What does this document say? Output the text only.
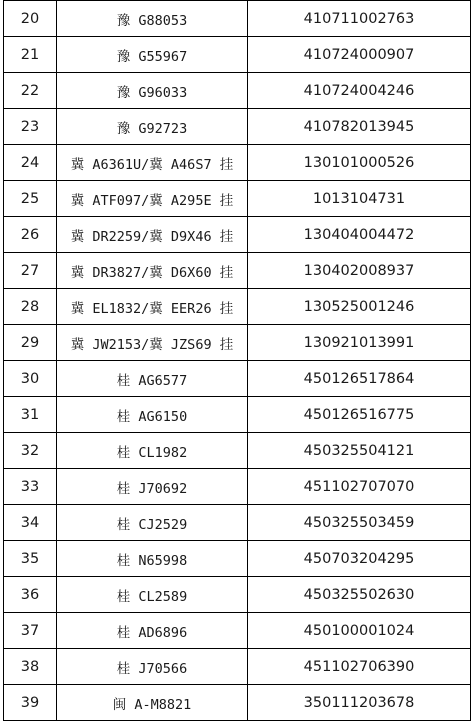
20	豫 G88053	410711002763
21	豫 G55967	410724000907
22	豫 G96033	410724004246
23	豫 G92723	410782013945
24	冀 A6361U/冀 A46S7 挂	130101000526
25	冀 ATF097/冀 A295E 挂	1013104731
26	冀 DR2259/冀 D9X46 挂	130404004472
27	冀 DR3827/冀 D6X60 挂	130402008937
28	冀 EL1832/冀 EER26 挂	130525001246
29	冀 JW2153/冀 JZS69 挂	130921013991
30	桂 AG6577	450126517864
31	桂 AG6150	450126516775
32	桂 CL1982	450325504121
33	桂 J70692	451102707070
34	桂 CJ2529	450325503459
35	桂 N65998	450703204295
36	桂 CL2589	450325502630
37	桂 AD6896	450100001024
38	桂 J70566	451102706390
39	闽 A-M8821	350111203678
